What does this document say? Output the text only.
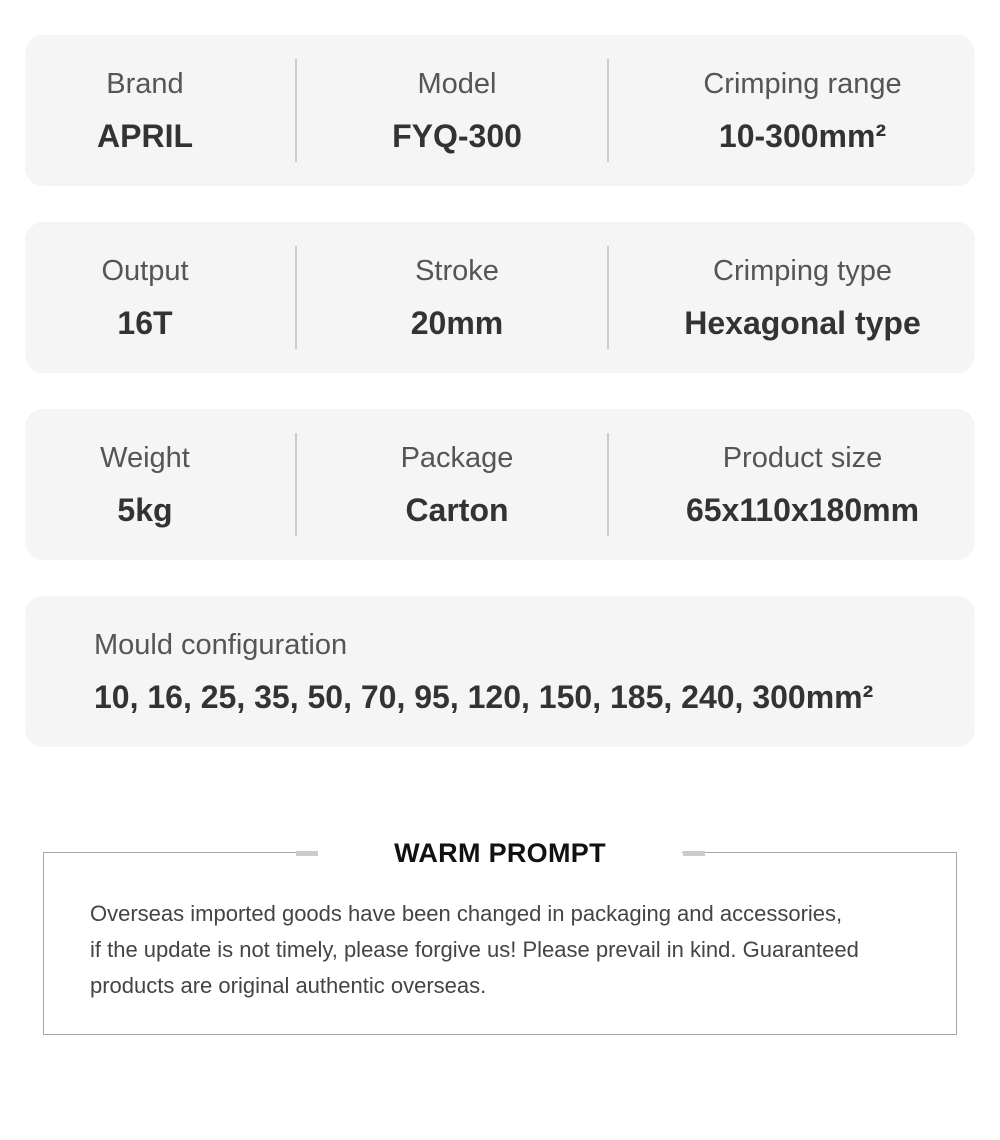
Brand
APRIL
Model
FYQ-300
Crimping range
10-300mm²
Output
16T
Stroke
20mm
Crimping type
Hexagonal type
Weight
5kg
Package
Carton
Product size
65x110x180mm
Mould configuration
10, 16, 25, 35, 50, 70, 95, 120, 150, 185, 240, 300mm²
WARM PROMPT

Overseas imported goods have been changed in packaging and accessories,
if the update is not timely, please forgive us! Please prevail in kind. Guaranteed
products are original authentic overseas.
